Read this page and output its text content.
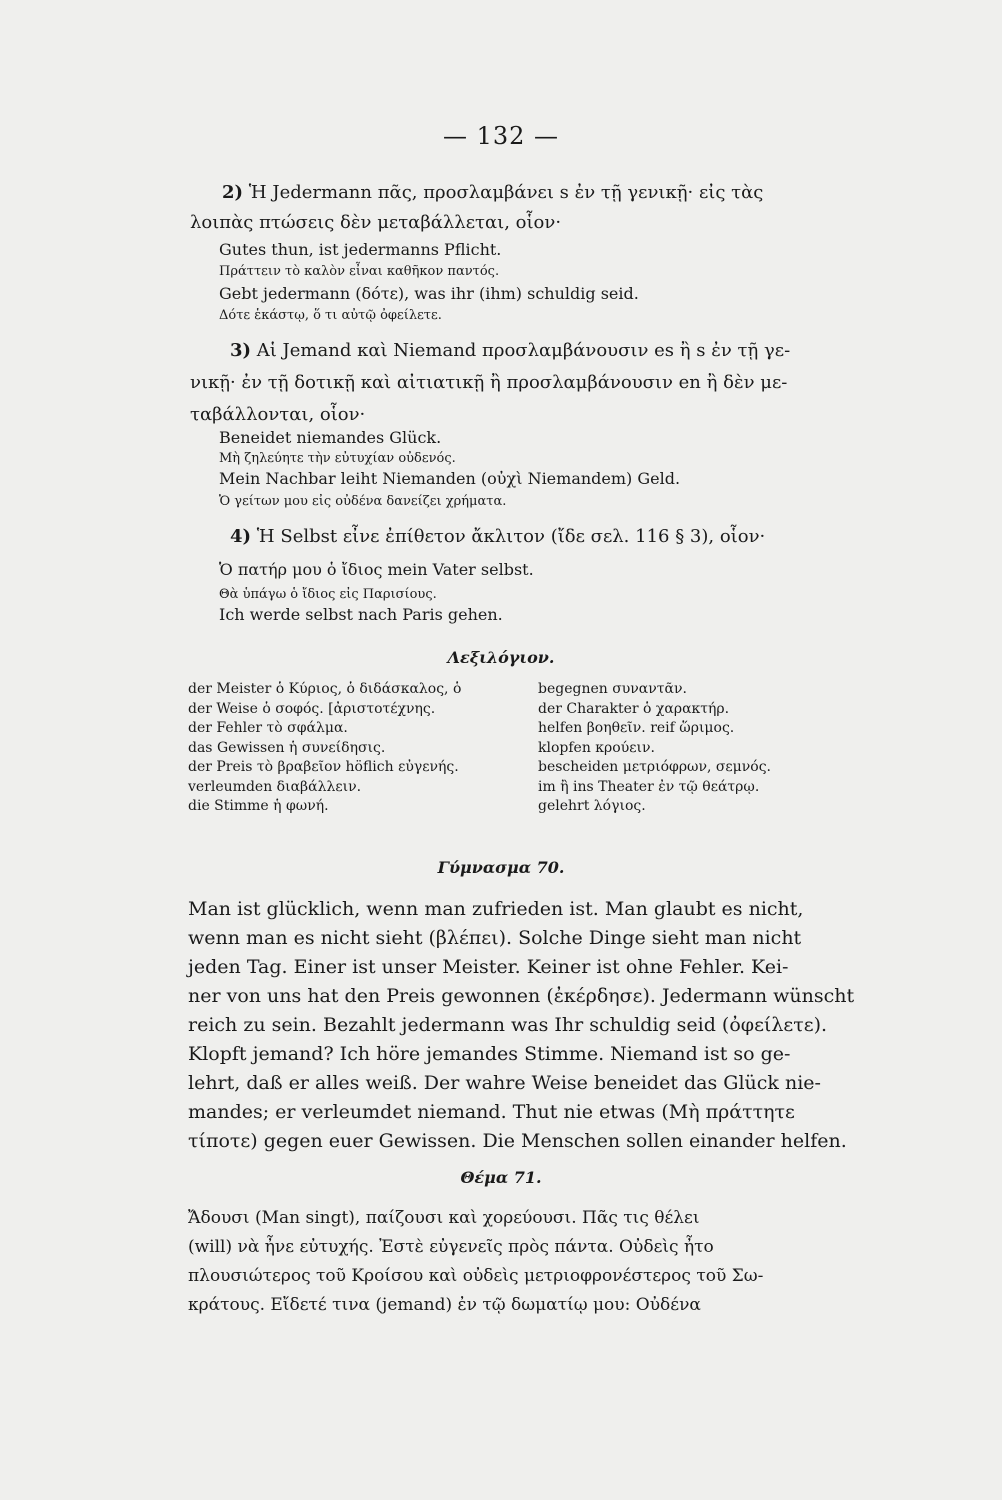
— 132 —
2) Ἡ Jedermann πᾶς, προσλαμβάνει s ἐν τῇ γενικῇ· εἰς τὰς
λοιπὰς πτώσεις δὲν μεταβάλλεται, οἷον·
Gutes thun, ist jedermanns Pflicht.
Πράττειν τὸ καλὸν εἶναι καθῆκον παντός.
Gebt jedermann (δότε), was ihr (ihm) schuldig seid.
Δότε ἑκάστῳ, ὅ τι αὐτῷ ὀφείλετε.
3) Αἱ Jemand καὶ Niemand προσλαμβάνουσιν es ἢ s ἐν τῇ γε-
νικῇ· ἐν τῇ δοτικῇ καὶ αἰτιατικῇ ἢ προσλαμβάνουσιν en ἢ δὲν με-
ταβάλλονται, οἷον·
Beneidet niemandes Glück.
Μὴ ζηλεύητε τὴν εὐτυχίαν οὐδενός.
Mein Nachbar leiht Niemanden (οὐχὶ Niemandem) Geld.
Ὁ γείτων μου εἰς οὐδένα δανείζει χρήματα.
4) Ἡ Selbst εἶνε ἐπίθετον ἄκλιτον (ἴδε σελ. 116 § 3), οἷον·
Ὁ πατήρ μου ὁ ἴδιος mein Vater selbst.
Θὰ ὑπάγω ὁ ἴδιος εἰς Παρισίους.
Ich werde selbst nach Paris gehen.
Λεξιλόγιον.
der Meister ὁ Κύριος, ὁ διδάσκαλος, ὁ
der Weise ὁ σοφός. [ἀριστοτέχνης.
der Fehler τὸ σφάλμα.
das Gewissen ἡ συνείδησις.
der Preis τὸ βραβεῖον höflich εὐγενής.
verleumden διαβάλλειν.
die Stimme ἡ φωνή.
begegnen συναντᾶν.
der Charakter ὁ χαρακτήρ.
helfen βοηθεῖν. reif ὥριμος.
klopfen κρούειν.
bescheiden μετριόφρων, σεμνός.
im ἢ ins Theater ἐν τῷ θεάτρῳ.
gelehrt λόγιος.
Γύμνασμα 70.
Man ist glücklich, wenn man zufrieden ist. Man glaubt es nicht,
wenn man es nicht sieht (βλέπει). Solche Dinge sieht man nicht
jeden Tag. Einer ist unser Meister. Keiner ist ohne Fehler. Kei-
ner von uns hat den Preis gewonnen (ἐκέρδησε). Jedermann wünscht
reich zu sein. Bezahlt jedermann was Ihr schuldig seid (ὀφείλετε).
Klopft jemand? Ich höre jemandes Stimme. Niemand ist so ge-
lehrt, daß er alles weiß. Der wahre Weise beneidet das Glück nie-
mandes; er verleumdet niemand. Thut nie etwas (Μὴ πράττητε
τίποτε) gegen euer Gewissen. Die Menschen sollen einander helfen.
Θέμα 71.
Ἄδουσι (Man singt), παίζουσι καὶ χορεύουσι. Πᾶς τις θέλει
(will) νὰ ἦνε εὐτυχής. Ἐστὲ εὐγενεῖς πρὸς πάντα. Οὐδεὶς ἦτο
πλουσιώτερος τοῦ Κροίσου καὶ οὐδεὶς μετριοφρονέστερος τοῦ Σω-
κράτους. Εἴδετέ τινα (jemand) ἐν τῷ δωματίῳ μου: Οὐδένα
